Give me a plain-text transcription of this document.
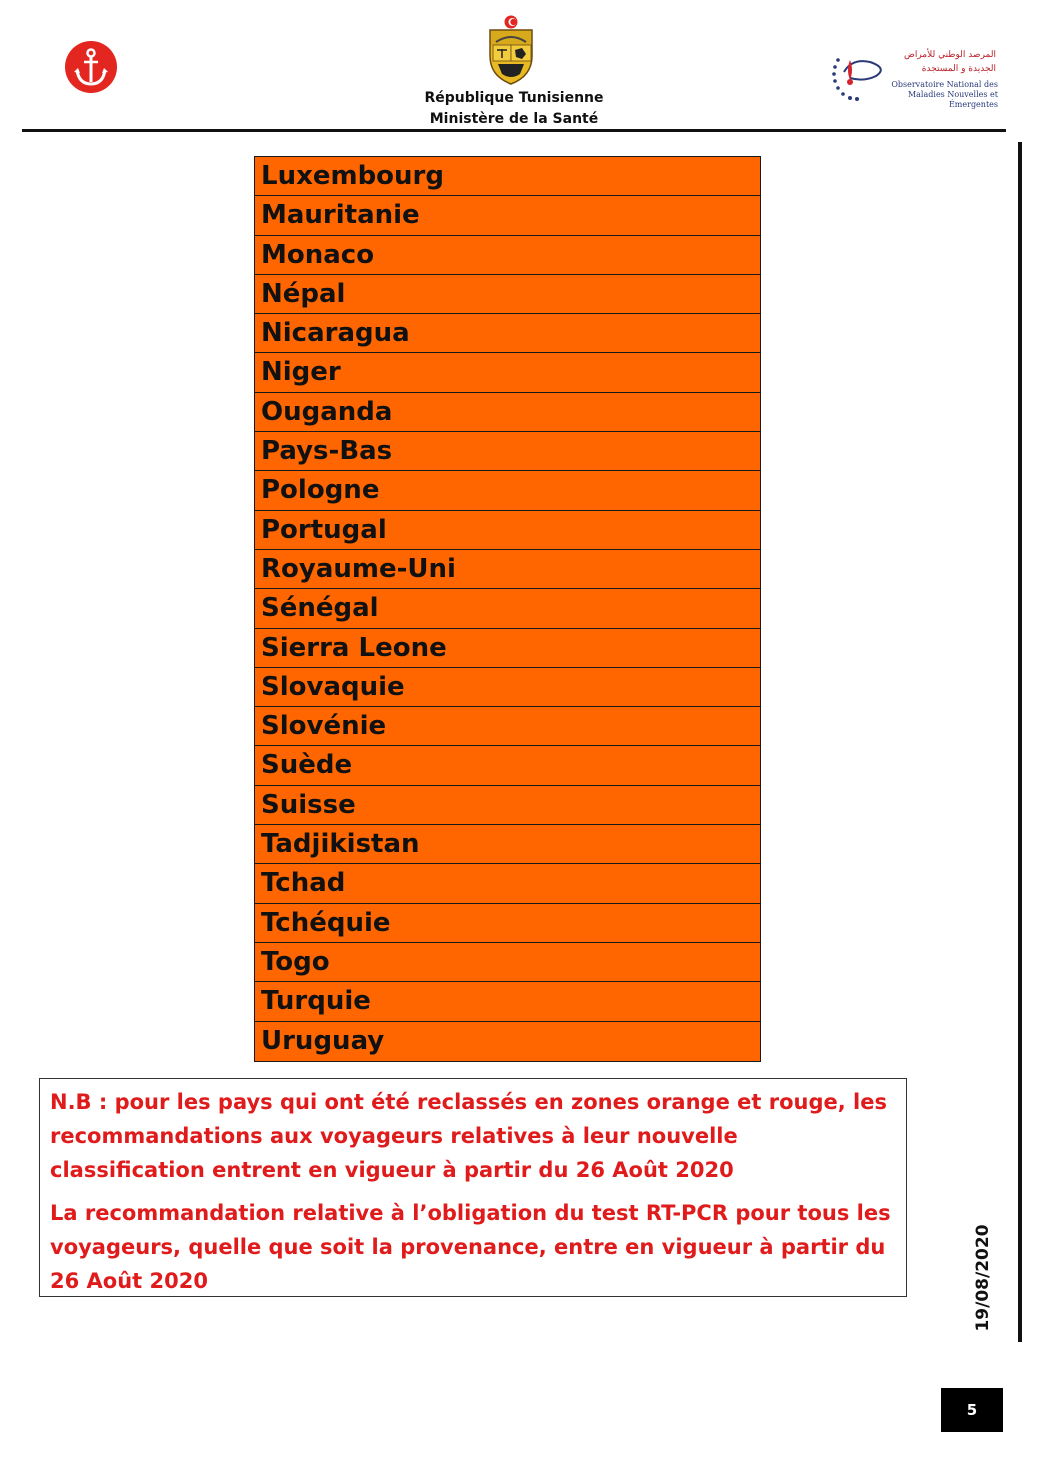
République Tunisienne
Ministère de la Santé
المرصد الوطني للأمراض
الجديدة و المستجدة
Observatoire National des
Maladies Nouvelles et Émergentes
Luxembourg
Mauritanie
Monaco
Népal
Nicaragua
Niger
Ouganda
Pays-Bas
Pologne
Portugal
Royaume-Uni
Sénégal
Sierra Leone
Slovaquie
Slovénie
Suède
Suisse
Tadjikistan
Tchad
Tchéquie
Togo
Turquie
Uruguay

N.B : pour les pays qui ont été reclassés en zones orange et rouge, les recommandations aux voyageurs relatives à leur nouvelle classification entrent en vigueur à partir du 26 Août 2020

La recommandation relative à l’obligation du test RT-PCR pour tous les voyageurs, quelle que soit la provenance, entre en vigueur à partir du 26 Août 2020	19/08/2020
5
